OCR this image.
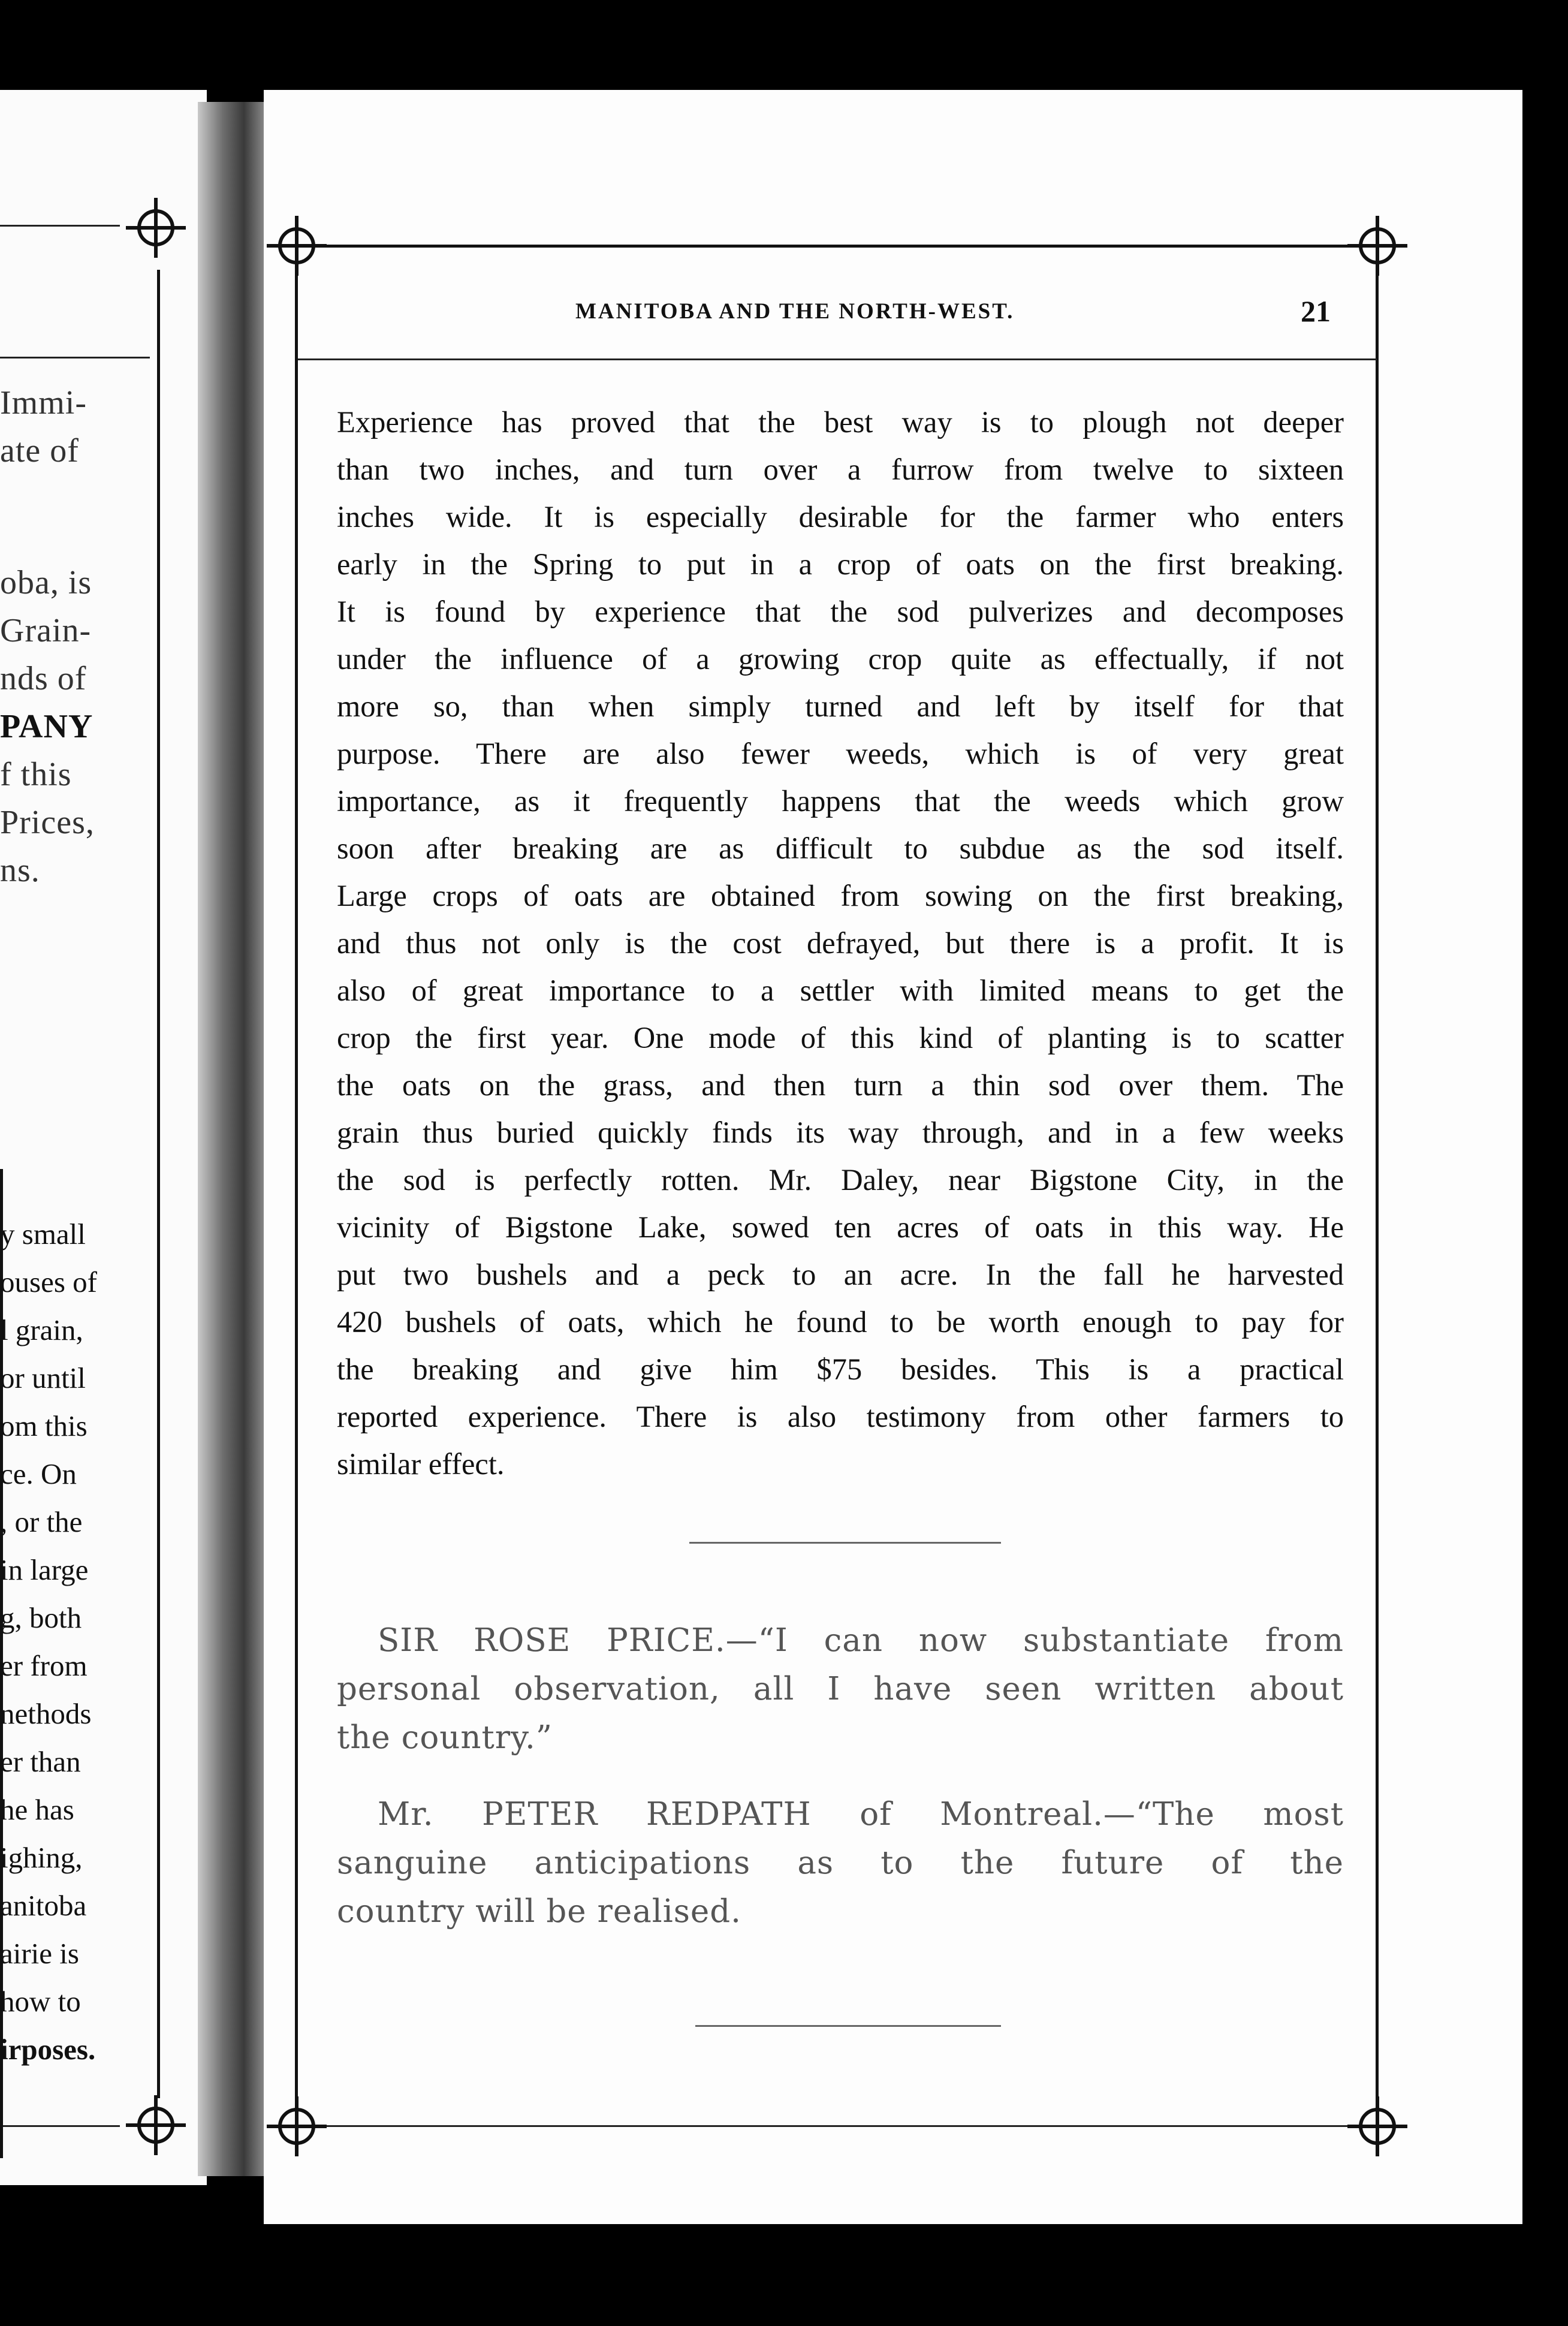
Immi-
ate of
oba, is
Grain-
nds of
PANY
f this
Prices,
ns.
y small
ouses of
l grain,
or until
om this
ce. On
, or the
in large
g, both
er from
nethods
er than
he has
ighing,
anitoba
airie is
how to
irposes.
MANITOBA AND THE NORTH-WEST.	21
Experience has proved that the best way is to plough not deeper
than two inches, and turn over a furrow from twelve to sixteen
inches wide. It is especially desirable for the farmer who enters
early in the Spring to put in a crop of oats on the first breaking.
It is found by experience that the sod pulverizes and decomposes
under the influence of a growing crop quite as effectually, if not
more so, than when simply turned and left by itself for that
purpose. There are also fewer weeds, which is of very great
importance, as it frequently happens that the weeds which grow
soon after breaking are as difficult to subdue as the sod itself.
Large crops of oats are obtained from sowing on the first breaking,
and thus not only is the cost defrayed, but there is a profit. It is
also of great importance to a settler with limited means to get the
crop the first year. One mode of this kind of planting is to scatter
the oats on the grass, and then turn a thin sod over them. The
grain thus buried quickly finds its way through, and in a few weeks
the sod is perfectly rotten. Mr. Daley, near Bigstone City, in the
vicinity of Bigstone Lake, sowed ten acres of oats in this way. He
put two bushels and a peck to an acre. In the fall he harvested
420 bushels of oats, which he found to be worth enough to pay for
the breaking and give him $75 besides. This is a practical
reported experience. There is also testimony from other farmers to
similar effect.
SIR ROSE PRICE.—“I can now substantiate from
personal observation, all I have seen written about
the country.”
Mr. PETER REDPATH of Montreal.—“The most
sanguine anticipations as to the future of the
country will be realised.
